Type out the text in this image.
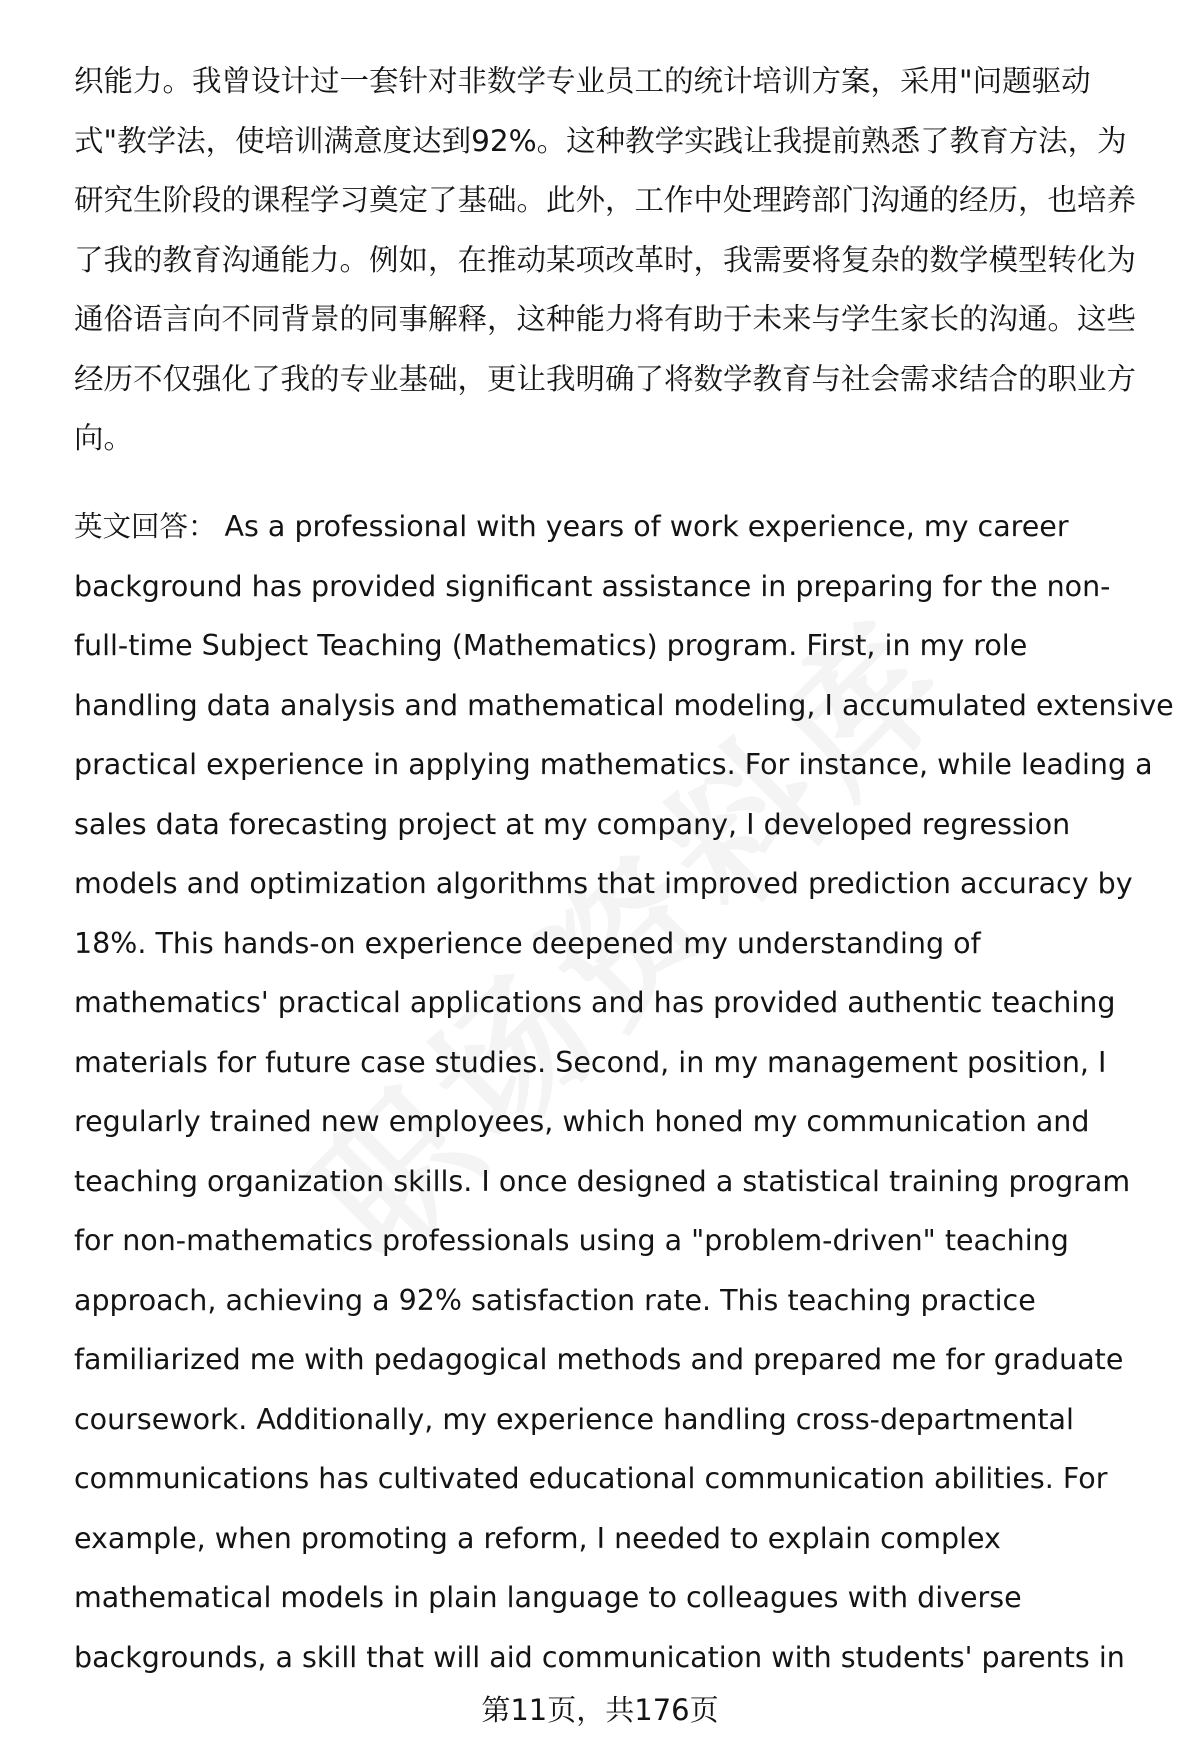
织能力。我曾设计过一套针对非数学专业员工的统计培训方案，采用"问题驱动
式"教学法，使培训满意度达到92%。这种教学实践让我提前熟悉了教育方法，为
研究生阶段的课程学习奠定了基础。此外，工作中处理跨部门沟通的经历，也培养
了我的教育沟通能力。例如，在推动某项改革时，我需要将复杂的数学模型转化为
通俗语言向不同背景的同事解释，这种能力将有助于未来与学生家长的沟通。这些
经历不仅强化了我的专业基础，更让我明确了将数学教育与社会需求结合的职业方
向。

英文回答： As a professional with years of work experience, my career
background has provided significant assistance in preparing for the non-
full-time Subject Teaching (Mathematics) program. First, in my role
handling data analysis and mathematical modeling, I accumulated extensive
practical experience in applying mathematics. For instance, while leading a
sales data forecasting project at my company, I developed regression
models and optimization algorithms that improved prediction accuracy by
18%. This hands-on experience deepened my understanding of
mathematics' practical applications and has provided authentic teaching
materials for future case studies. Second, in my management position, I
regularly trained new employees, which honed my communication and
teaching organization skills. I once designed a statistical training program
for non-mathematics professionals using a "problem-driven" teaching
approach, achieving a 92% satisfaction rate. This teaching practice
familiarized me with pedagogical methods and prepared me for graduate
coursework. Additionally, my experience handling cross-departmental
communications has cultivated educational communication abilities. For
example, when promoting a reform, I needed to explain complex
mathematical models in plain language to colleagues with diverse
backgrounds, a skill that will aid communication with students' parents in

第11页，共176页
